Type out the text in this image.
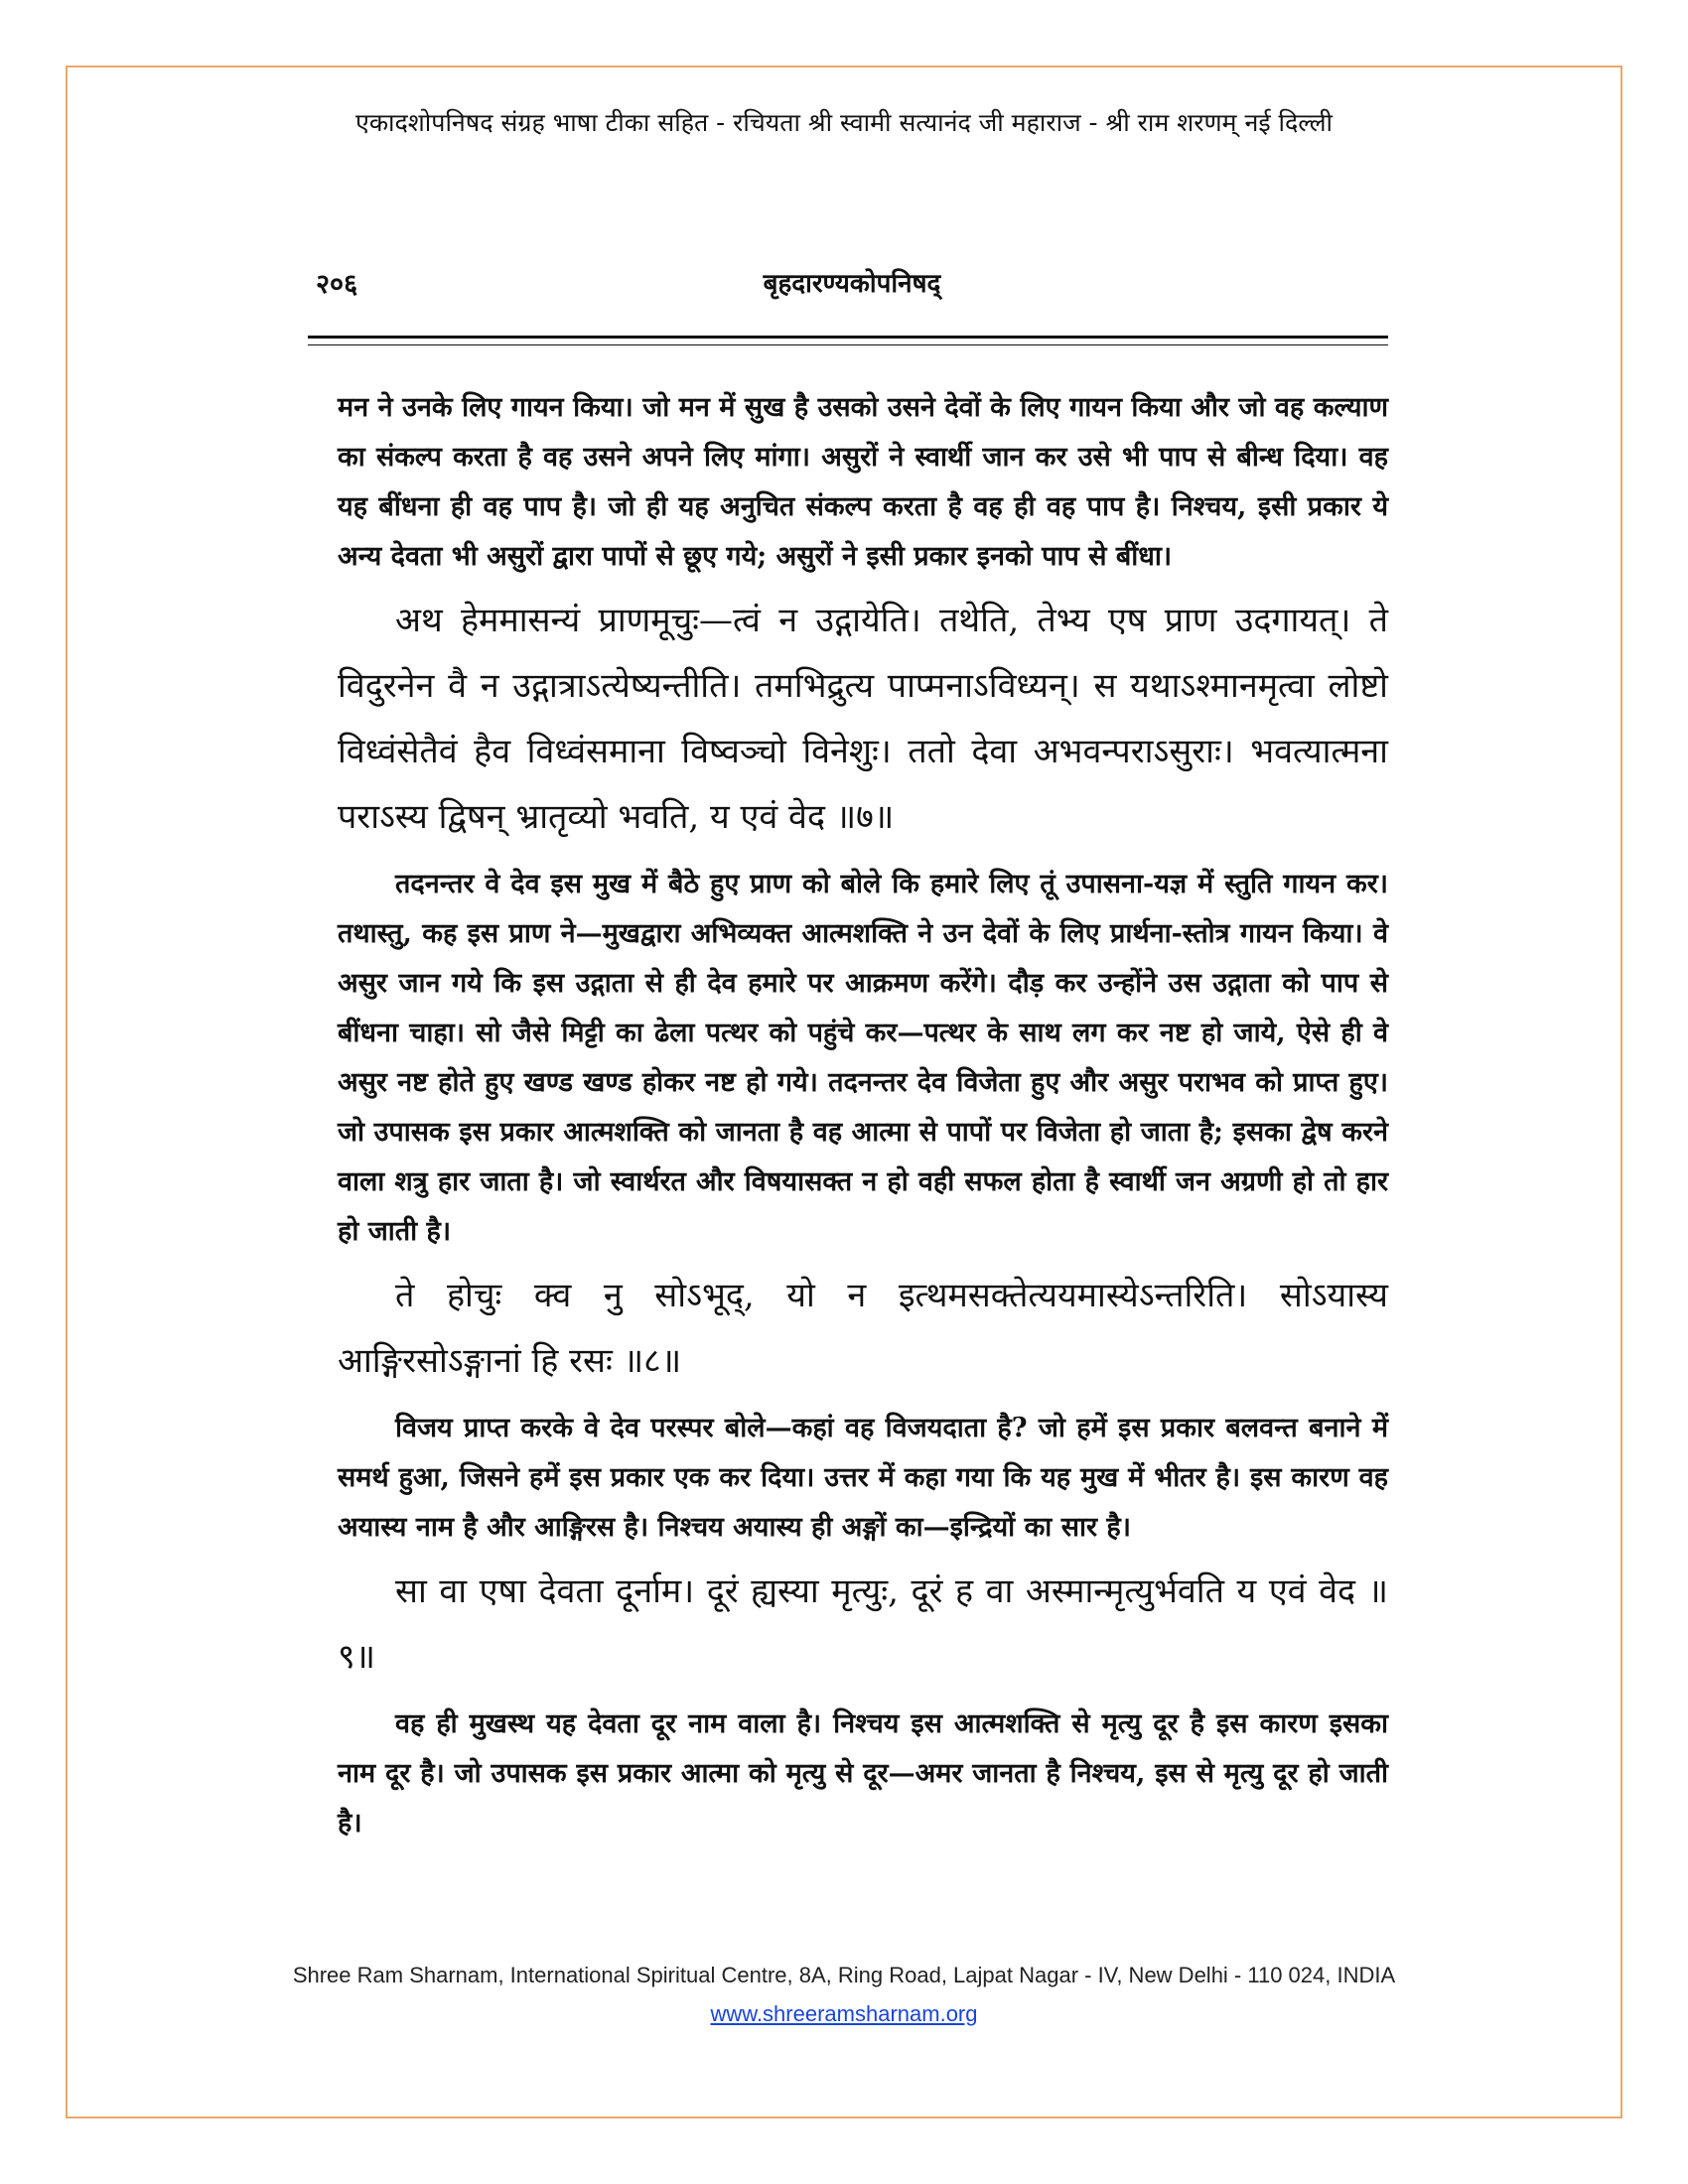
एकादशोपनिषद संग्रह भाषा टीका सहित - रचियता श्री स्वामी सत्यानंद जी महाराज - श्री राम शरणम् नई दिल्ली
२०६	बृहदारण्यकोपनिषद्

मन ने उनके लिए गायन किया। जो मन में सुख है उसको उसने देवों के लिए गायन किया और जो वह कल्याण का संकल्प करता है वह उसने अपने लिए मांगा। असुरों ने स्वार्थी जान कर उसे भी पाप से बीन्ध दिया। वह यह बींधना ही वह पाप है। जो ही यह अनुचित संकल्प करता है वह ही वह पाप है। निश्चय, इसी प्रकार ये अन्य देवता भी असुरों द्वारा पापों से छूए गये; असुरों ने इसी प्रकार इनको पाप से बींधा।

अथ हेममासन्यं प्राणमूचुः—त्वं न उद्गायेति। तथेति, तेभ्य एष प्राण उदगायत्। ते विदुरनेन वै न उद्गात्राऽत्येष्यन्तीति। तमभिद्रुत्य पाप्मनाऽविध्यन्। स यथाऽश्मानमृत्वा लोष्टो विध्वंसेतैवं हैव विध्वंसमाना विष्वञ्चो विनेशुः। ततो देवा अभवन्पराऽसुराः। भवत्यात्मना पराऽस्य द्विषन् भ्रातृव्यो भवति, य एवं वेद ॥७॥

तदनन्तर वे देव इस मुख में बैठे हुए प्राण को बोले कि हमारे लिए तूं उपासना-यज्ञ में स्तुति गायन कर। तथास्तु, कह इस प्राण ने—मुखद्वारा अभिव्यक्त आत्मशक्ति ने उन देवों के लिए प्रार्थना-स्तोत्र गायन किया। वे असुर जान गये कि इस उद्गाता से ही देव हमारे पर आक्रमण करेंगे। दौड़ कर उन्होंने उस उद्गाता को पाप से बींधना चाहा। सो जैसे मिट्टी का ढेला पत्थर को पहुंचे कर—पत्थर के साथ लग कर नष्ट हो जाये, ऐसे ही वे असुर नष्ट होते हुए खण्ड खण्ड होकर नष्ट हो गये। तदनन्तर देव विजेता हुए और असुर पराभव को प्राप्त हुए। जो उपासक इस प्रकार आत्मशक्ति को जानता है वह आत्मा से पापों पर विजेता हो जाता है; इसका द्वेष करने वाला शत्रु हार जाता है। जो स्वार्थरत और विषयासक्त न हो वही सफल होता है स्वार्थी जन अग्रणी हो तो हार हो जाती है।

ते होचुः क्व नु सोऽभूद्, यो न इत्थमसक्तेत्ययमास्येऽन्तरिति। सोऽयास्य आङ्गिरसोऽङ्गानां हि रसः ॥८॥

विजय प्राप्त करके वे देव परस्पर बोले—कहां वह विजयदाता है? जो हमें इस प्रकार बलवन्त बनाने में समर्थ हुआ, जिसने हमें इस प्रकार एक कर दिया। उत्तर में कहा गया कि यह मुख में भीतर है। इस कारण वह अयास्य नाम है और आङ्गिरस है। निश्चय अयास्य ही अङ्गों का—इन्द्रियों का सार है।

सा वा एषा देवता दूर्नाम। दूरं ह्यस्या मृत्युः, दूरं ह वा अस्मान्मृत्युर्भवति य एवं वेद ॥९॥

वह ही मुखस्थ यह देवता दूर नाम वाला है। निश्चय इस आत्मशक्ति से मृत्यु दूर है इस कारण इसका नाम दूर है। जो उपासक इस प्रकार आत्मा को मृत्यु से दूर—अमर जानता है निश्चय, इस से मृत्यु दूर हो जाती है।

Shree Ram Sharnam, International Spiritual Centre, 8A, Ring Road, Lajpat Nagar - IV, New Delhi - 110 024, INDIA
www.shreeramsharnam.org
